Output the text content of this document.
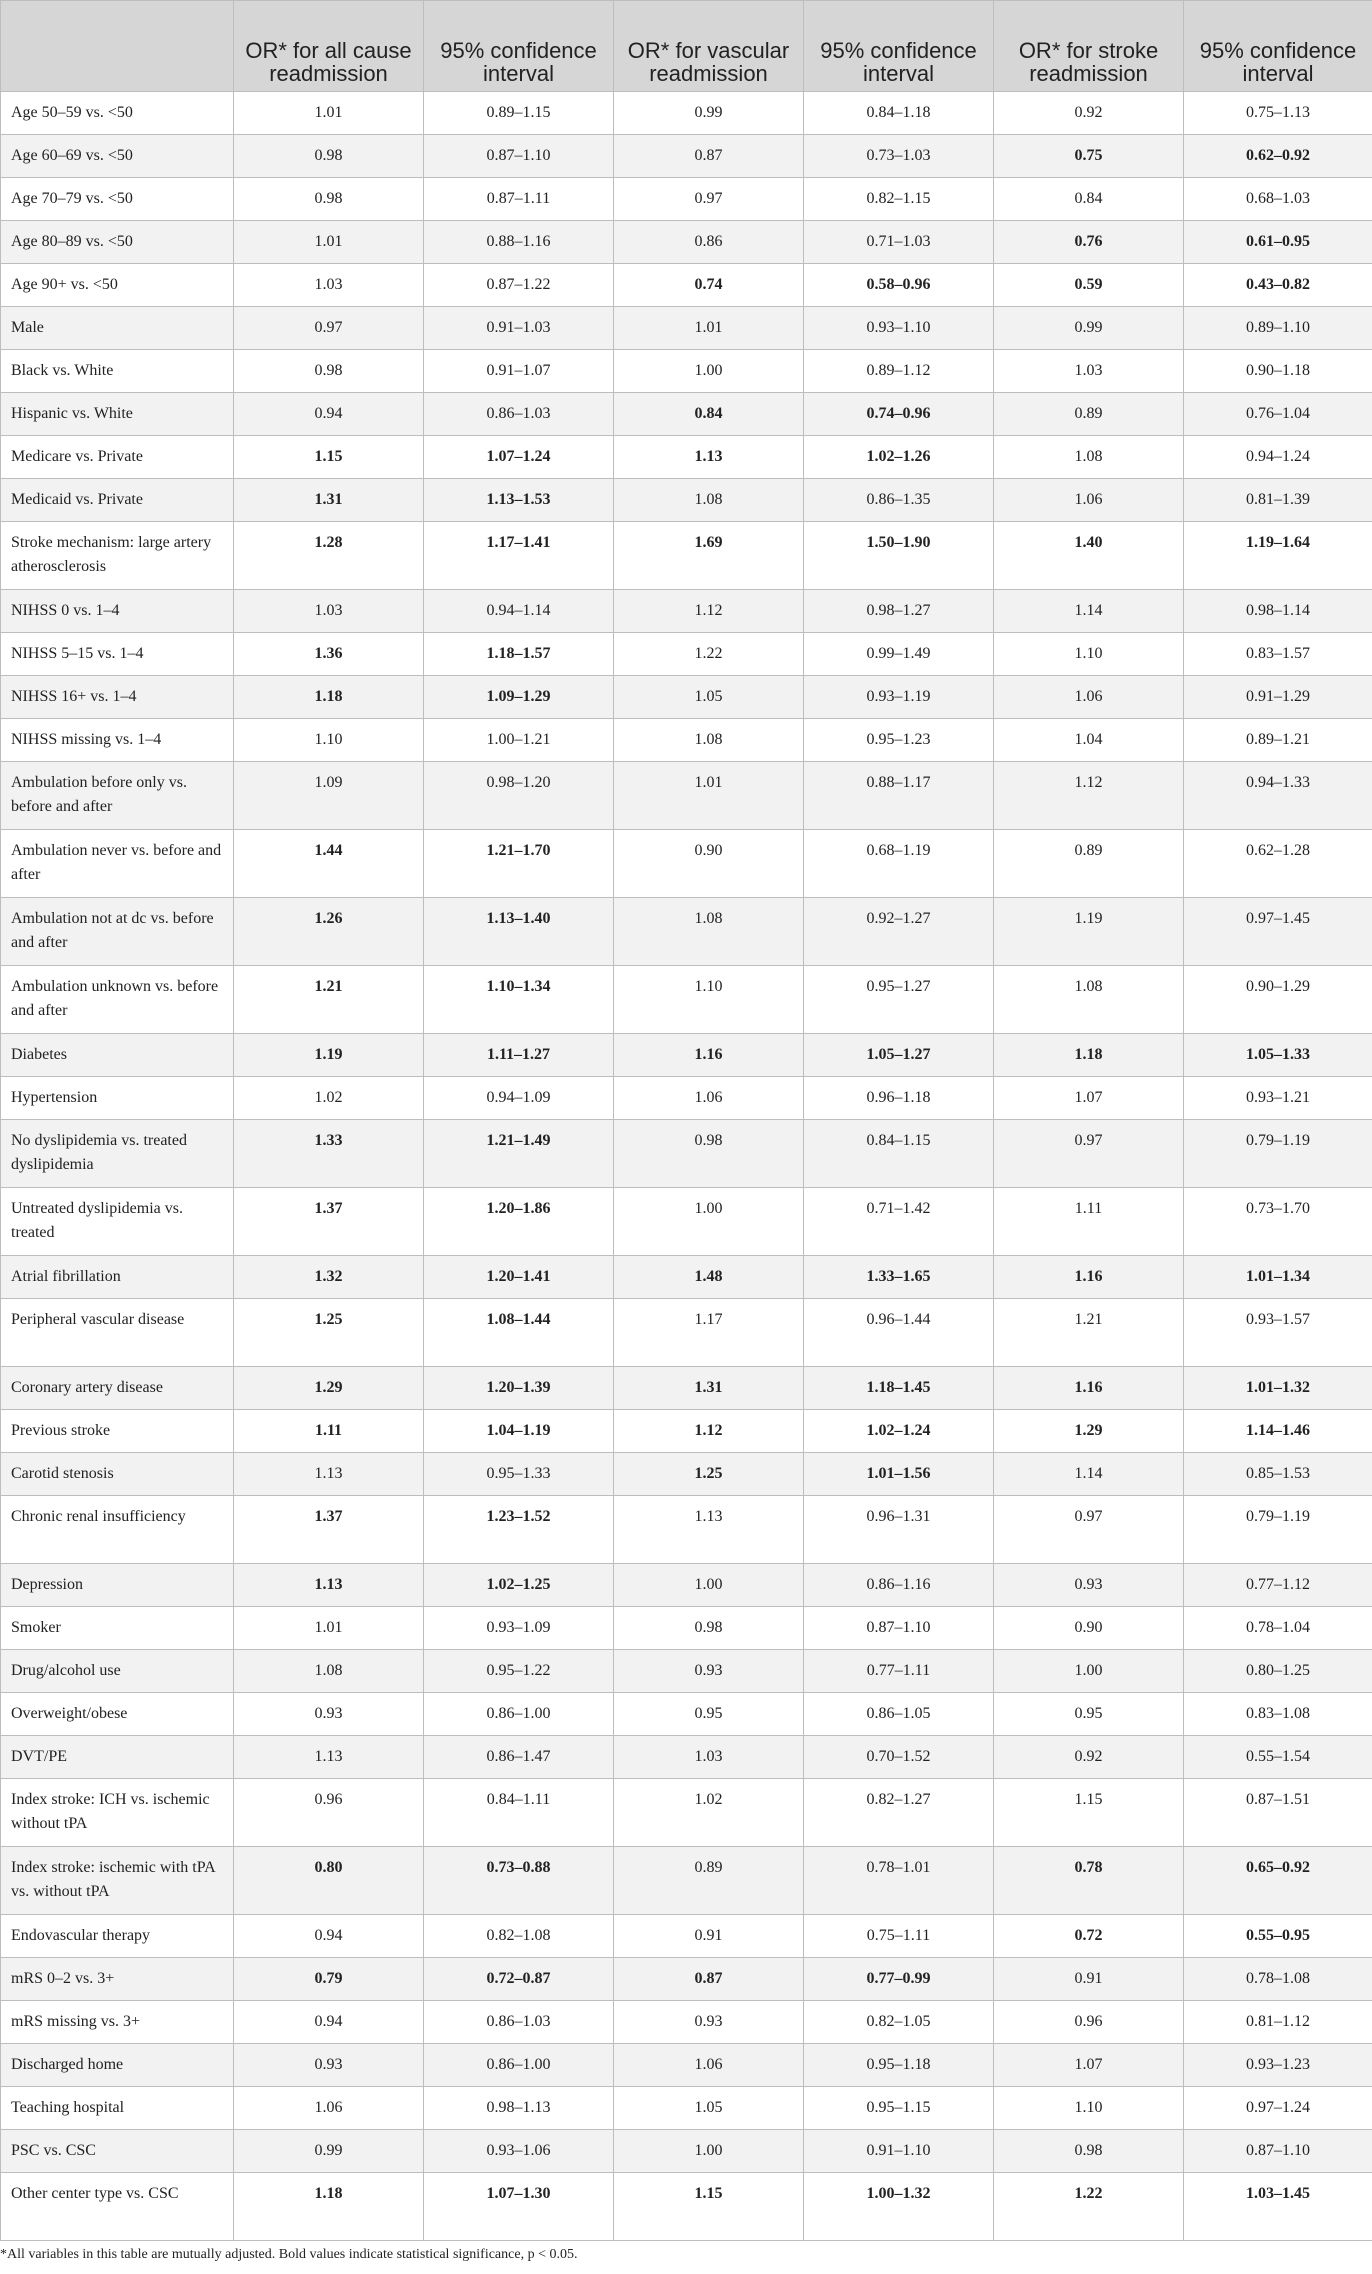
	OR* for all cause readmission	95% confidence interval	OR* for vascular readmission	95% confidence interval	OR* for stroke readmission	95% confidence interval
Age 50–59 vs. <50	1.01	0.89–1.15	0.99	0.84–1.18	0.92	0.75–1.13
Age 60–69 vs. <50	0.98	0.87–1.10	0.87	0.73–1.03	0.75	0.62–0.92
Age 70–79 vs. <50	0.98	0.87–1.11	0.97	0.82–1.15	0.84	0.68–1.03
Age 80–89 vs. <50	1.01	0.88–1.16	0.86	0.71–1.03	0.76	0.61–0.95
Age 90+ vs. <50	1.03	0.87–1.22	0.74	0.58–0.96	0.59	0.43–0.82
Male	0.97	0.91–1.03	1.01	0.93–1.10	0.99	0.89–1.10
Black vs. White	0.98	0.91–1.07	1.00	0.89–1.12	1.03	0.90–1.18
Hispanic vs. White	0.94	0.86–1.03	0.84	0.74–0.96	0.89	0.76–1.04
Medicare vs. Private	1.15	1.07–1.24	1.13	1.02–1.26	1.08	0.94–1.24
Medicaid vs. Private	1.31	1.13–1.53	1.08	0.86–1.35	1.06	0.81–1.39
Stroke mechanism: large artery atherosclerosis	1.28	1.17–1.41	1.69	1.50–1.90	1.40	1.19–1.64
NIHSS 0 vs. 1–4	1.03	0.94–1.14	1.12	0.98–1.27	1.14	0.98–1.14
NIHSS 5–15 vs. 1–4	1.36	1.18–1.57	1.22	0.99–1.49	1.10	0.83–1.57
NIHSS 16+ vs. 1–4	1.18	1.09–1.29	1.05	0.93–1.19	1.06	0.91–1.29
NIHSS missing vs. 1–4	1.10	1.00–1.21	1.08	0.95–1.23	1.04	0.89–1.21
Ambulation before only vs. before and after	1.09	0.98–1.20	1.01	0.88–1.17	1.12	0.94–1.33
Ambulation never vs. before and after	1.44	1.21–1.70	0.90	0.68–1.19	0.89	0.62–1.28
Ambulation not at dc vs. before and after	1.26	1.13–1.40	1.08	0.92–1.27	1.19	0.97–1.45
Ambulation unknown vs. before and after	1.21	1.10–1.34	1.10	0.95–1.27	1.08	0.90–1.29
Diabetes	1.19	1.11–1.27	1.16	1.05–1.27	1.18	1.05–1.33
Hypertension	1.02	0.94–1.09	1.06	0.96–1.18	1.07	0.93–1.21
No dyslipidemia vs. treated dyslipidemia	1.33	1.21–1.49	0.98	0.84–1.15	0.97	0.79–1.19
Untreated dyslipidemia vs. treated	1.37	1.20–1.86	1.00	0.71–1.42	1.11	0.73–1.70
Atrial fibrillation	1.32	1.20–1.41	1.48	1.33–1.65	1.16	1.01–1.34
Peripheral vascular disease	1.25	1.08–1.44	1.17	0.96–1.44	1.21	0.93–1.57
Coronary artery disease	1.29	1.20–1.39	1.31	1.18–1.45	1.16	1.01–1.32
Previous stroke	1.11	1.04–1.19	1.12	1.02–1.24	1.29	1.14–1.46
Carotid stenosis	1.13	0.95–1.33	1.25	1.01–1.56	1.14	0.85–1.53
Chronic renal insufficiency	1.37	1.23–1.52	1.13	0.96–1.31	0.97	0.79–1.19
Depression	1.13	1.02–1.25	1.00	0.86–1.16	0.93	0.77–1.12
Smoker	1.01	0.93–1.09	0.98	0.87–1.10	0.90	0.78–1.04
Drug/alcohol use	1.08	0.95–1.22	0.93	0.77–1.11	1.00	0.80–1.25
Overweight/obese	0.93	0.86–1.00	0.95	0.86–1.05	0.95	0.83–1.08
DVT/PE	1.13	0.86–1.47	1.03	0.70–1.52	0.92	0.55–1.54
Index stroke: ICH vs. ischemic without tPA	0.96	0.84–1.11	1.02	0.82–1.27	1.15	0.87–1.51
Index stroke: ischemic with tPA vs. without tPA	0.80	0.73–0.88	0.89	0.78–1.01	0.78	0.65–0.92
Endovascular therapy	0.94	0.82–1.08	0.91	0.75–1.11	0.72	0.55–0.95
mRS 0–2 vs. 3+	0.79	0.72–0.87	0.87	0.77–0.99	0.91	0.78–1.08
mRS missing vs. 3+	0.94	0.86–1.03	0.93	0.82–1.05	0.96	0.81–1.12
Discharged home	0.93	0.86–1.00	1.06	0.95–1.18	1.07	0.93–1.23
Teaching hospital	1.06	0.98–1.13	1.05	0.95–1.15	1.10	0.97–1.24
PSC vs. CSC	0.99	0.93–1.06	1.00	0.91–1.10	0.98	0.87–1.10
Other center type vs. CSC	1.18	1.07–1.30	1.15	1.00–1.32	1.22	1.03–1.45
*All variables in this table are mutually adjusted. Bold values indicate statistical significance, p < 0.05.
